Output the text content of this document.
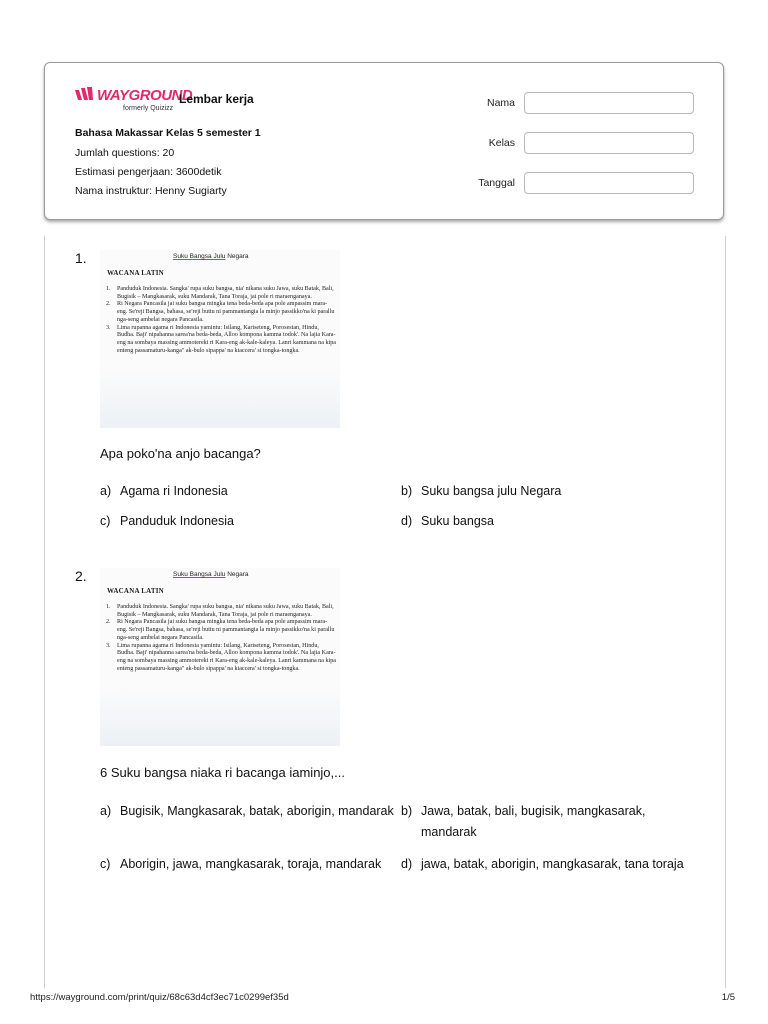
WAYGROUND
formerly Quizizz
Lembar kerja
Bahasa Makassar Kelas 5 semester 1
Jumlah questions: 20
Estimasi pengerjaan: 3600detik
Nama instruktur: Henny Sugiarty
Nama
Kelas
Tanggal
1.	Suku Bangsa Julu Negara
WACANA LATIN
1.	Panduduk Indonesia. Sangka' rupa suku bangsa, nia' nikana suku Jawa, suku Batak, Bali, Bugisik – Mangkasarak, suku Mandarak, Tana Toraja, jai pole ri maraenganaya.
2.	Ri Negara Pancasila jai suku bangsa mingka tena beda-beda apa pole ampassim mara-eng. Se'reji Bangsa, bahasa, se'reji buttu ni pammantangia la minjo passikko'na ki parallu nga-seng ambelai negara Pancasila.
3.	Lima rupanna agama ri Indonesia yamintu: Isilang, Kariseteng, Porosestan, Hindu, Budha. Baji' nipahanna sarea'na beda-beda, Alloo kompona kamma todok'. Na lajia Kara-eng na sombaya massing ammotereki ri Kara-eng ak-kale-kaleya. Lanri kammana na kipa enteng passamaturu-kanga" ak-bulo sipappa' na kiaccera' si tongka-tongka.
Apa poko'na anjo bacanga?
a) Agama ri Indonesia	b) Suku bangsa julu Negara
c) Panduduk Indonesia	d) Suku bangsa
2.	Suku Bangsa Julu Negara
WACANA LATIN
1.	Panduduk Indonesia. Sangka' rupa suku bangsa, nia' nikana suku Jawa, suku Batak, Bali, Bugisik – Mangkasarak, suku Mandarak, Tana Toraja, jai pole ri maraenganaya.
2.	Ri Negara Pancasila jai suku bangsa mingka tena beda-beda apa pole ampassim mara-eng. Se'reji Bangsa, bahasa, se'reji buttu ni pammantangia la minjo passikko'na ki parallu nga-seng ambelai negara Pancasila.
3.	Lima rupanna agama ri Indonesia yamintu: Isilang, Kariseteng, Porosestan, Hindu, Budha. Baji' nipahanna sarea'na beda-beda, Alloo kompona kamma todok'. Na lajia Kara-eng na sombaya massing ammotereki ri Kara-eng ak-kale-kaleya. Lanri kammana na kipa enteng passamaturu-kanga" ak-bulo sipappa' na kiaccera' si tongka-tongka.
6 Suku bangsa niaka ri bacanga iaminjo,...
a) Bugisik, Mangkasarak, batak, aborigin, mandarak b) Jawa, batak, bali, bugisik, mangkasarak, mandarak
c) Aborigin, jawa, mangkasarak, toraja, mandarak	d) jawa, batak, aborigin, mangkasarak, tana toraja
https://wayground.com/print/quiz/68c63d4cf3ec71c0299ef35d	1/5
